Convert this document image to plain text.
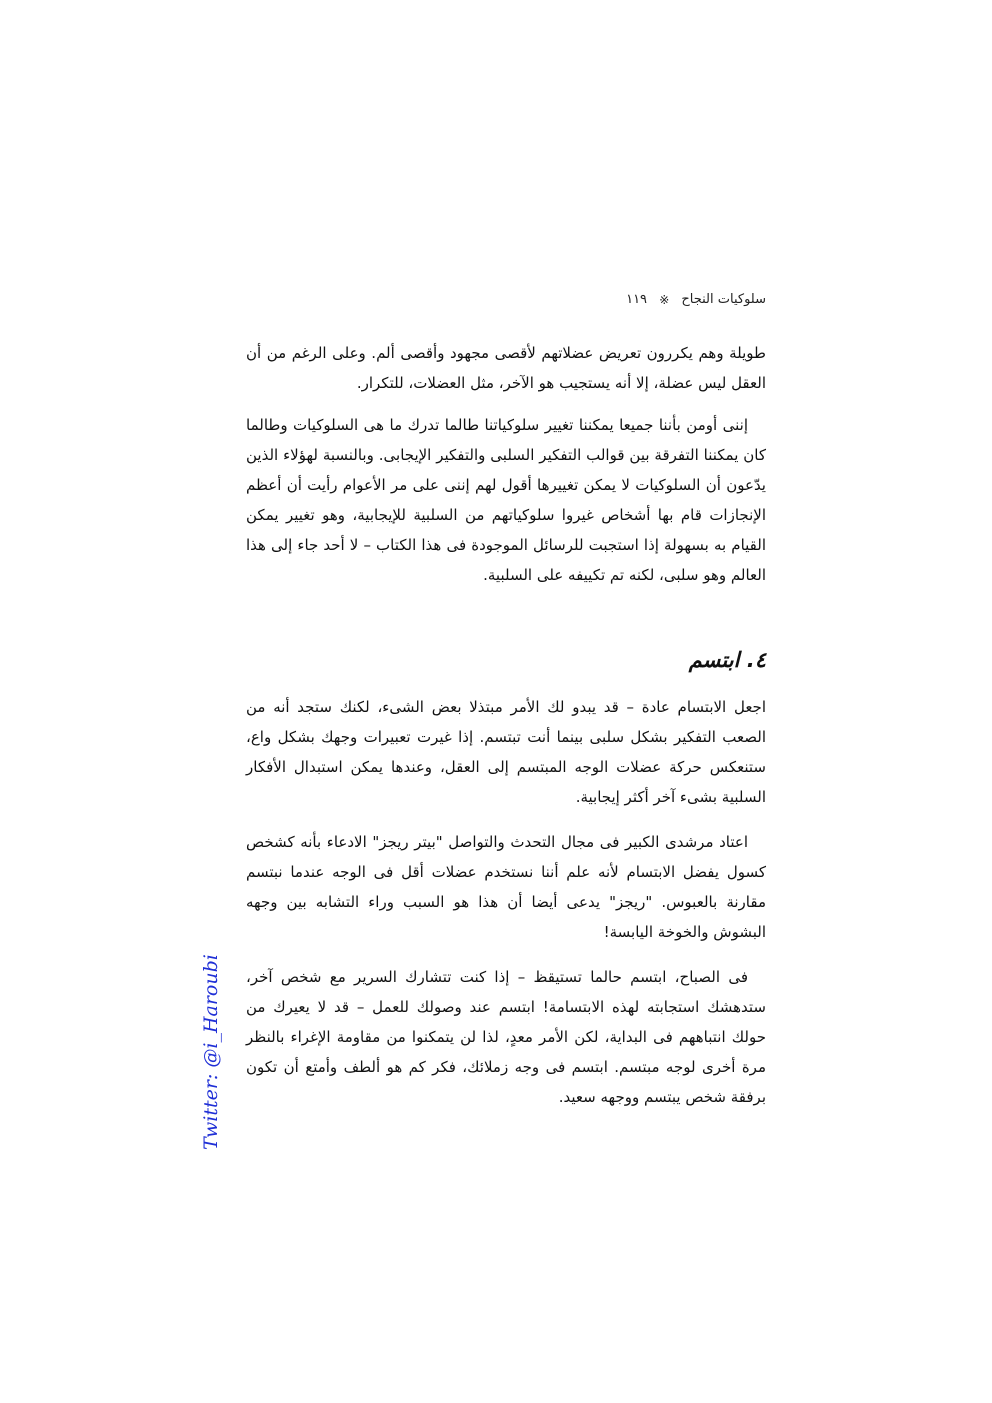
سلوكيات النجاح ※ ١١٩

طويلة وهم يكررون تعريض عضلاتهم لأقصى مجهود وأقصى ألم. وعلى الرغم من أن العقل ليس عضلة، إلا أنه يستجيب هو الآخر، مثل العضلات، للتكرار.

إننى أومن بأننا جميعا يمكننا تغيير سلوكياتنا طالما تدرك ما هى السلوكيات وطالما كان يمكننا التفرقة بين قوالب التفكير السلبى والتفكير الإيجابى. وبالنسبة لهؤلاء الذين يدّعون أن السلوكيات لا يمكن تغييرها أقول لهم إننى على مر الأعوام رأيت أن أعظم الإنجازات قام بها أشخاص غيروا سلوكياتهم من السلبية للإيجابية، وهو تغيير يمكن القيام به بسهولة إذا استجبت للرسائل الموجودة فى هذا الكتاب – لا أحد جاء إلى هذا العالم وهو سلبى، لكنه تم تكييفه على السلبية.

٤. ابتسم

اجعل الابتسام عادة – قد يبدو لك الأمر مبتذلا بعض الشىء، لكنك ستجد أنه من الصعب التفكير بشكل سلبى بينما أنت تبتسم. إذا غيرت تعبيرات وجهك بشكل واع، ستنعكس حركة عضلات الوجه المبتسم إلى العقل، وعندها يمكن استبدال الأفكار السلبية بشىء آخر أكثر إيجابية.

اعتاد مرشدى الكبير فى مجال التحدث والتواصل "بيتر ريجز" الادعاء بأنه كشخص كسول يفضل الابتسام لأنه علم أننا نستخدم عضلات أقل فى الوجه عندما نبتسم مقارنة بالعبوس. "ريجز" يدعى أيضا أن هذا هو السبب وراء التشابه بين وجهه البشوش والخوخة اليابسة!

فى الصباح، ابتسم حالما تستيقظ – إذا كنت تتشارك السرير مع شخص آخر، ستدهشك استجابته لهذه الابتسامة! ابتسم عند وصولك للعمل – قد لا يعيرك من حولك انتباههم فى البداية، لكن الأمر معدٍ، لذا لن يتمكنوا من مقاومة الإغراء بالنظر مرة أخرى لوجه مبتسم. ابتسم فى وجه زملائك، فكر كم هو ألطف وأمتع أن تكون برفقة شخص يبتسم ووجهه سعيد.

Twitter: @i_Haroubi
